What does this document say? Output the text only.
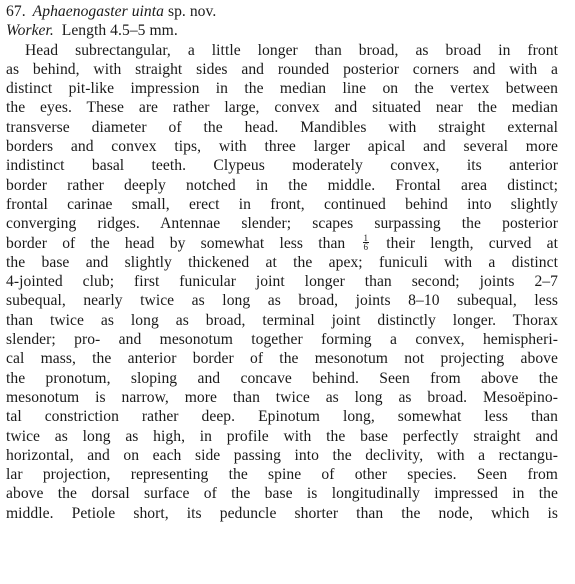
67. Aphaenogaster uinta sp. nov.
Worker. Length 4.5–5 mm.
Head subrectangular, a little longer than broad, as broad in front
as behind, with straight sides and rounded posterior corners and with a
distinct pit-like impression in the median line on the vertex between
the eyes. These are rather large, convex and situated near the median
transverse diameter of the head. Mandibles with straight external
borders and convex tips, with three larger apical and several more
indistinct basal teeth. Clypeus moderately convex, its anterior
border rather deeply notched in the middle. Frontal area distinct;
frontal carinae small, erect in front, continued behind into slightly
converging ridges. Antennae slender; scapes surpassing the posterior
border of the head by somewhat less than $\frac{1}{6}$ their length, curved at
the base and slightly thickened at the apex; funiculi with a distinct
4-jointed club; first funicular joint longer than second; joints 2–7
subequal, nearly twice as long as broad, joints 8–10 subequal, less
than twice as long as broad, terminal joint distinctly longer. Thorax
slender; pro- and mesonotum together forming a convex, hemispheri-
cal mass, the anterior border of the mesonotum not projecting above
the pronotum, sloping and concave behind. Seen from above the
mesonotum is narrow, more than twice as long as broad. Mesoëpino-
tal constriction rather deep. Epinotum long, somewhat less than
twice as long as high, in profile with the base perfectly straight and
horizontal, and on each side passing into the declivity, with a rectangu-
lar projection, representing the spine of other species. Seen from
above the dorsal surface of the base is longitudinally impressed in the
middle. Petiole short, its peduncle shorter than the node, which is
